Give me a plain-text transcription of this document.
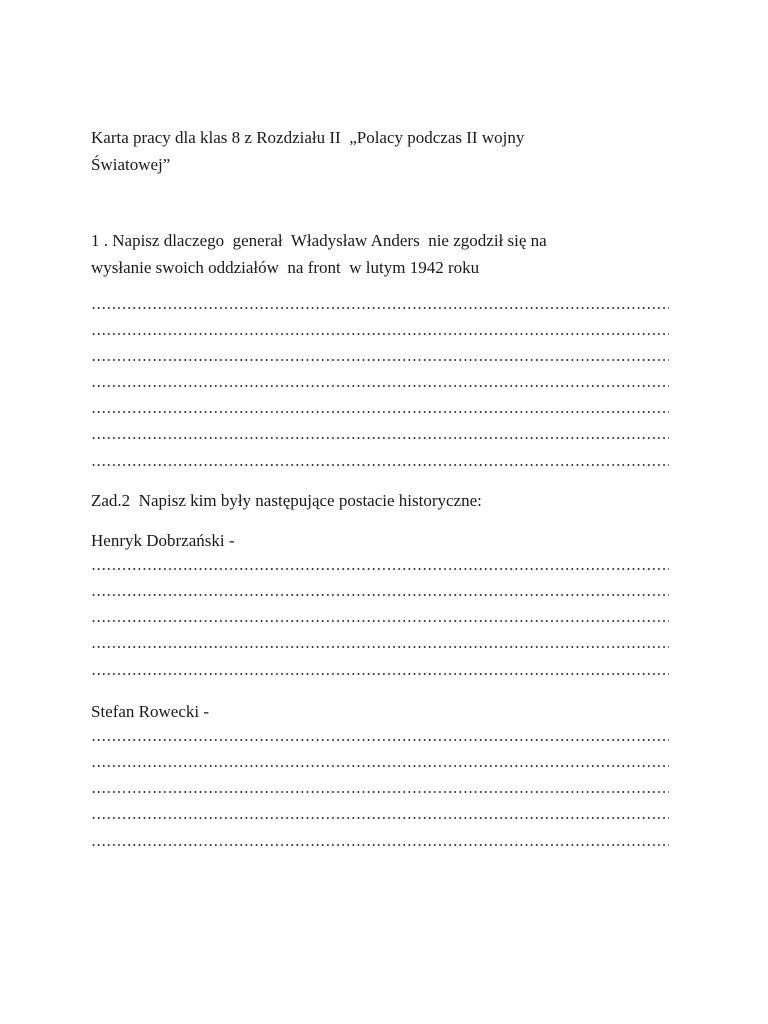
Karta pracy dla klas 8 z Rozdziału II  „Polacy podczas II wojny
Światowej”
1 . Napisz dlaczego  generał  Władysław Anders  nie zgodził się na
wysłanie swoich oddziałów  na front  w lutym 1942 roku
Zad.2  Napisz kim były następujące postacie historyczne:
Henryk Dobrzański -
Stefan Rowecki -
